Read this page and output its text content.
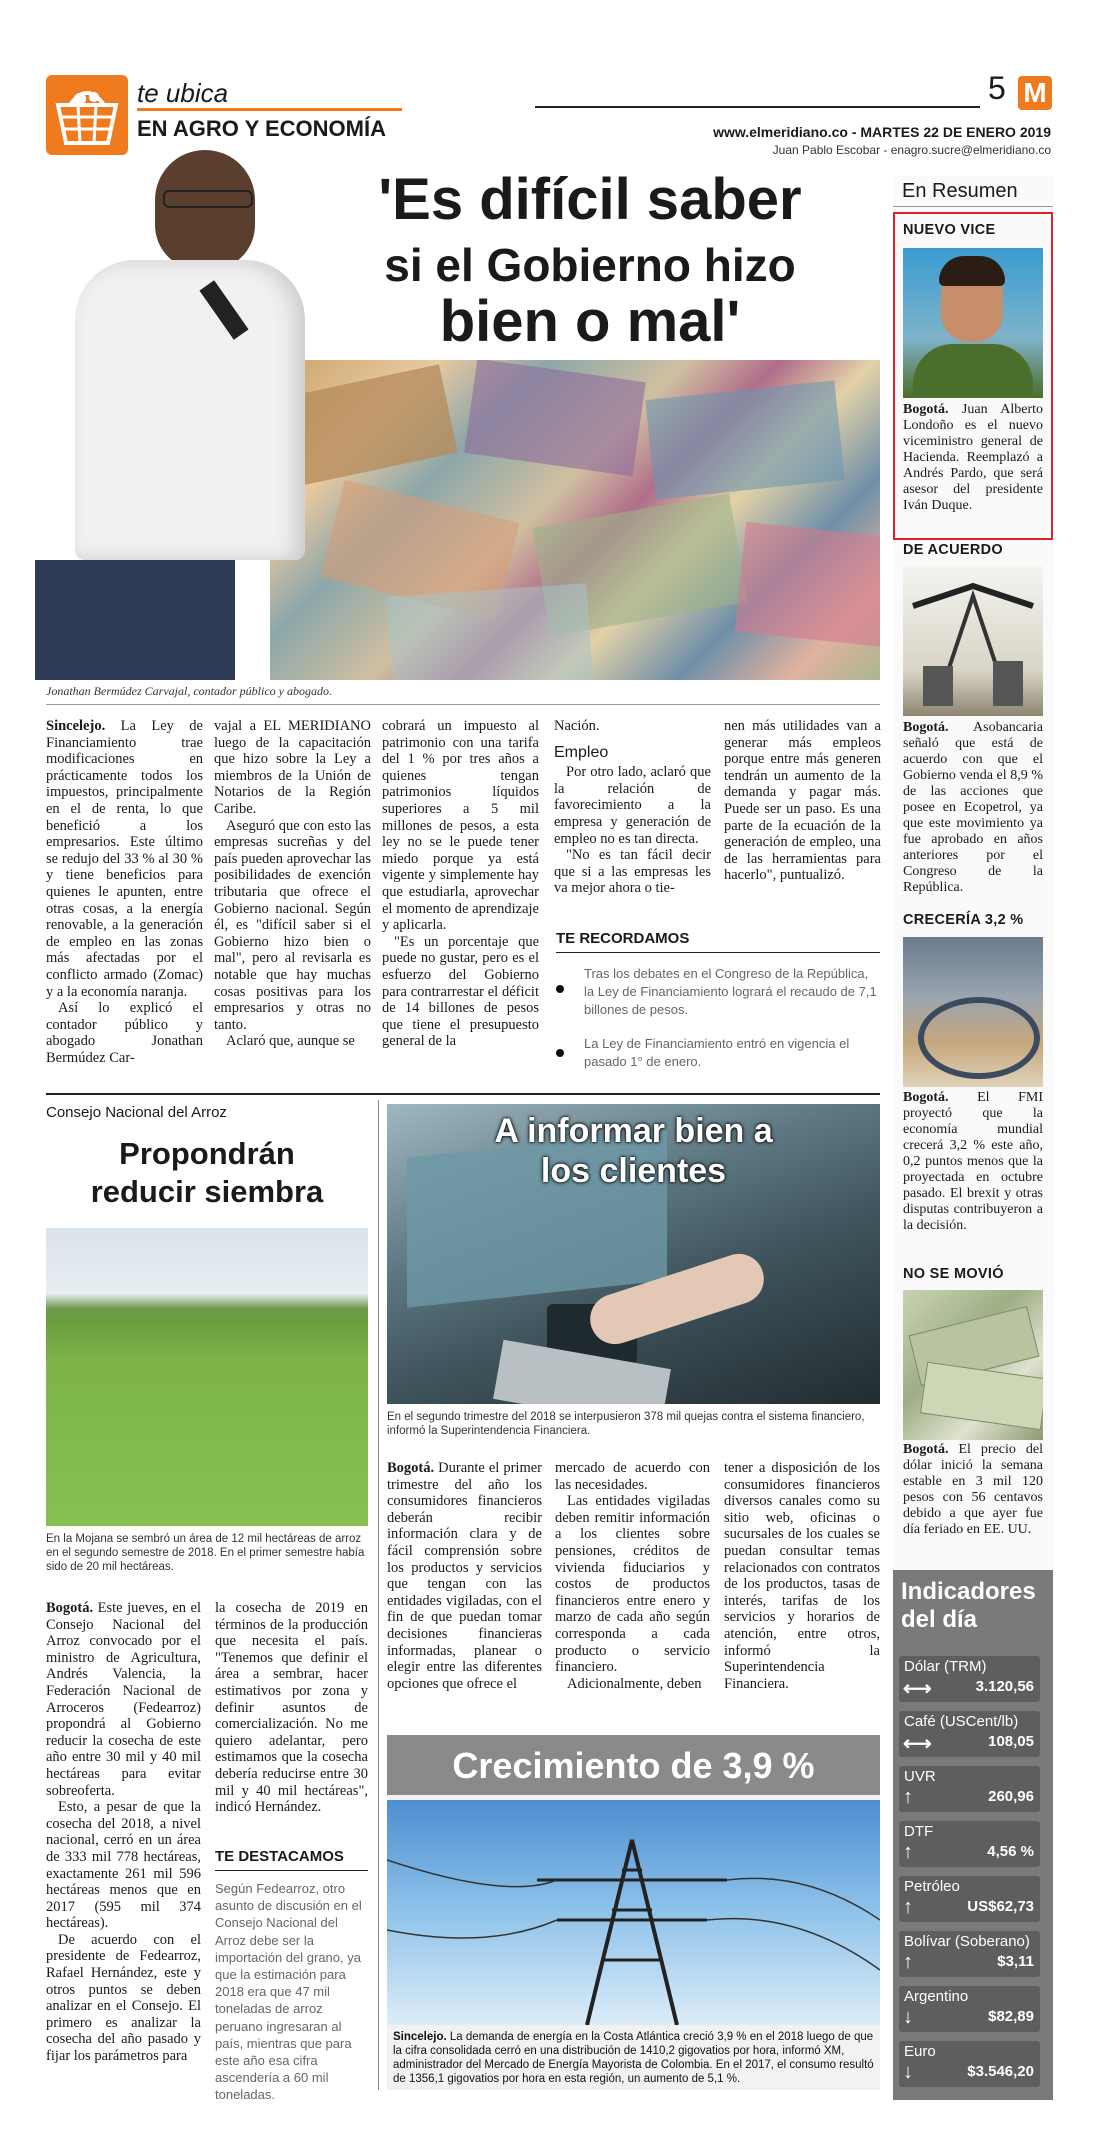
te ubica
EN AGRO Y ECONOMÍA
5 M
www.elmeridiano.co - MARTES 22 DE ENERO 2019
Juan Pablo Escobar - enagro.sucre@elmeridiano.co
'Es difícil saber
si el Gobierno hizo
bien o mal'
Jonathan Bermúdez Carvajal, contador público y abogado.

Sincelejo. La Ley de Financiamiento trae modificaciones en prácticamente todos los impuestos, principalmente en el de renta, lo que benefició a los empresarios. Este último se redujo del 33 % al 30 % y tiene beneficios para quienes le apunten, entre otras cosas, a la energía renovable, a la generación de empleo en las zonas más afectadas por el conflicto armado (Zomac) y a la economía naranja.

Así lo explicó el contador público y abogado Jonathan Bermúdez Car-

vajal a EL MERIDIANO luego de la capacitación que hizo sobre la Ley a miembros de la Unión de Notarios de la Región Caribe.

Aseguró que con esto las empresas sucreñas y del país pueden aprovechar las posibilidades de exención tributaria que ofrece el Gobierno nacional. Según él, es "difícil saber si el Gobierno hizo bien o mal", pero al revisarla es notable que hay muchas cosas positivas para los empresarios y otras no tanto.

Aclaró que, aunque se

cobrará un impuesto al patrimonio con una tarifa del 1 % por tres años a quienes tengan patrimonios líquidos superiores a 5 mil millones de pesos, a esta ley no se le puede tener miedo porque ya está vigente y simplemente hay que estudiarla, aprovechar el momento de aprendizaje y aplicarla.

"Es un porcentaje que puede no gustar, pero es el esfuerzo del Gobierno para contrarrestar el déficit de 14 billones de pesos que tiene el presupuesto general de la

Nación.

Empleo

Por otro lado, aclaró que la relación de favorecimiento a la empresa y generación de empleo no es tan directa.

"No es tan fácil decir que si a las empresas les va mejor ahora o tie-

nen más utilidades van a generar más empleos porque entre más generen tendrán un aumento de la demanda y pagar más. Puede ser un paso. Es una parte de la ecuación de la generación de empleo, una de las herramientas para hacerlo", puntualizó.

TE RECORDAMOS
Tras los debates en el Congreso de la República, la Ley de Financiamiento logrará el recaudo de 7,1 billones de pesos.
La Ley de Financiamiento entró en vigencia el pasado 1° de enero.
Consejo Nacional del Arroz
Propondrán
reducir siembra
En la Mojana se sembró un área de 12 mil hectáreas de arroz en el segundo semestre de 2018. En el primer semestre había sido de 20 mil hectáreas.

Bogotá. Este jueves, en el Consejo Nacional del Arroz convocado por el ministro de Agricultura, Andrés Valencia, la Federación Nacional de Arroceros (Fedearroz) propondrá al Gobierno reducir la cosecha de este año entre 30 mil y 40 mil hectáreas para evitar sobreoferta.

Esto, a pesar de que la cosecha del 2018, a nivel nacional, cerró en un área de 333 mil 778 hectáreas, exactamente 261 mil 596 hectáreas menos que en 2017 (595 mil 374 hectáreas).

De acuerdo con el presidente de Fedearroz, Rafael Hernández, este y otros puntos se deben analizar en el Consejo. El primero es analizar la cosecha del año pasado y fijar los parámetros para

la cosecha de 2019 en términos de la producción que necesita el país. "Tenemos que definir el área a sembrar, hacer estimativos por zona y definir asuntos de comercialización. No me quiero adelantar, pero estimamos que la cosecha debería reducirse entre 30 mil y 40 mil hectáreas", indicó Hernández.

TE DESTACAMOS
Según Fedearroz, otro asunto de discusión en el Consejo Nacional del Arroz debe ser la importación del grano, ya que la estimación para 2018 era que 47 mil toneladas de arroz peruano ingresaran al país, mientras que para este año esa cifra ascendería a 60 mil toneladas.
A informar bien a
los clientes
En el segundo trimestre del 2018 se interpusieron 378 mil quejas contra el sistema financiero, informó la Superintendencia Financiera.

Bogotá. Durante el primer trimestre del año los consumidores financieros deberán recibir información clara y de fácil comprensión sobre los productos y servicios que tengan con las entidades vigiladas, con el fin de que puedan tomar decisiones financieras informadas, planear o elegir entre las diferentes opciones que ofrece el

mercado de acuerdo con las necesidades.

Las entidades vigiladas deben remitir información a los clientes sobre pensiones, créditos de vivienda fiduciarios y costos de productos financieros entre enero y marzo de cada año según corresponda a cada producto o servicio financiero.

Adicionalmente, deben

tener a disposición de los consumidores financieros diversos canales como su sitio web, oficinas o sucursales de los cuales se puedan consultar temas relacionados con contratos de los productos, tasas de interés, tarifas de los servicios y horarios de atención, entre otros, informó la Superintendencia Financiera.

Crecimiento de 3,9 %
Sincelejo. La demanda de energía en la Costa Atlántica creció 3,9 % en el 2018 luego de que la cifra consolidada cerró en una distribución de 1410,2 gigovatios por hora, informó XM, administrador del Mercado de Energía Mayorista de Colombia. En el 2017, el consumo resultó de 1356,1 gigovatios por hora en esta región, un aumento de 5,1 %.
En Resumen
NUEVO VICE
Bogotá. Juan Alberto Londoño es el nuevo viceministro general de Hacienda. Reemplazó a Andrés Pardo, que será asesor del presidente Iván Duque.
DE ACUERDO
Bogotá. Asobancaria señaló que está de acuerdo con que el Gobierno venda el 8,9 % de las acciones que posee en Ecopetrol, ya que este movimiento ya fue aprobado en años anteriores por el Congreso de la República.
CRECERÍA 3,2 %
Bogotá. El FMI proyectó que la economía mundial crecerá 3,2 % este año, 0,2 puntos menos que la proyectada en octubre pasado. El brexit y otras disputas contribuyeron a la decisión.
NO SE MOVIÓ
Bogotá. El precio del dólar inició la semana estable en 3 mil 120 pesos con 56 centavos debido a que ayer fue día feriado en EE. UU.
Indicadores
del día
Dólar (TRM)
⟷	3.120,56
Café (USCent/lb)
⟷	108,05
UVR
↑	260,96
DTF
↑	4,56 %
Petróleo
↑	US$62,73
Bolívar (Soberano)
↑	$3,11
Argentino
↓	$82,89
Euro
↓	$3.546,20
